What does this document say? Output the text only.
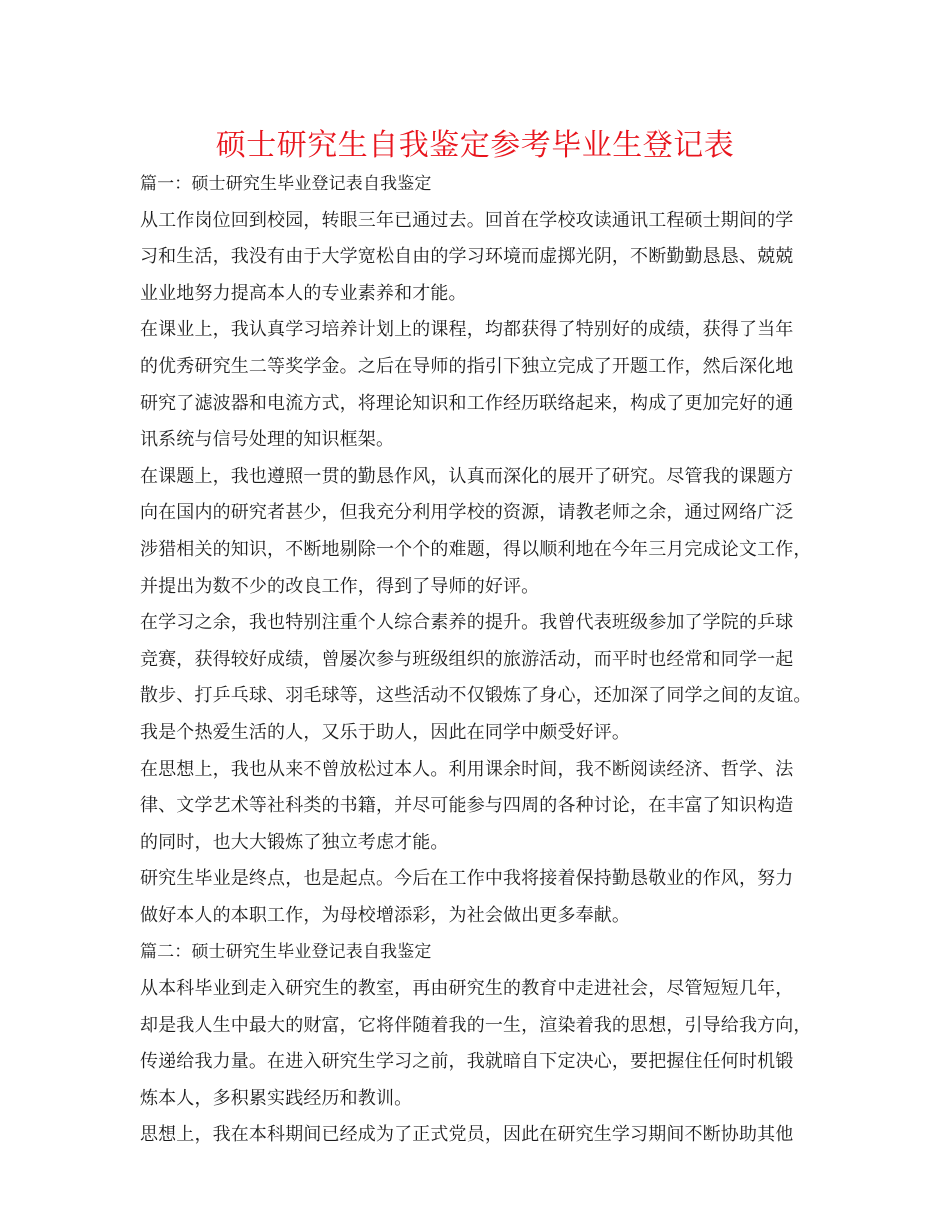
硕士研究生自我鉴定参考毕业生登记表
篇一：硕士研究生毕业登记表自我鉴定
从工作岗位回到校园，转眼三年已通过去。回首在学校攻读通讯工程硕士期间的学
习和生活，我没有由于大学宽松自由的学习环境而虚掷光阴，不断勤勤恳恳、兢兢
业业地努力提高本人的专业素养和才能。
在课业上，我认真学习培养计划上的课程，均都获得了特别好的成绩，获得了当年
的优秀研究生二等奖学金。之后在导师的指引下独立完成了开题工作，然后深化地
研究了滤波器和电流方式，将理论知识和工作经历联络起来，构成了更加完好的通
讯系统与信号处理的知识框架。
在课题上，我也遵照一贯的勤恳作风，认真而深化的展开了研究。尽管我的课题方
向在国内的研究者甚少，但我充分利用学校的资源，请教老师之余，通过网络广泛
涉猎相关的知识，不断地剔除一个个的难题，得以顺利地在今年三月完成论文工作，
并提出为数不少的改良工作，得到了导师的好评。
在学习之余，我也特别注重个人综合素养的提升。我曾代表班级参加了学院的乒球
竞赛，获得较好成绩，曾屡次参与班级组织的旅游活动，而平时也经常和同学一起
散步、打乒乓球、羽毛球等，这些活动不仅锻炼了身心，还加深了同学之间的友谊。
我是个热爱生活的人，又乐于助人，因此在同学中颇受好评。
在思想上，我也从来不曾放松过本人。利用课余时间，我不断阅读经济、哲学、法
律、文学艺术等社科类的书籍，并尽可能参与四周的各种讨论，在丰富了知识构造
的同时，也大大锻炼了独立考虑才能。
研究生毕业是终点，也是起点。今后在工作中我将接着保持勤恳敬业的作风，努力
做好本人的本职工作，为母校增添彩，为社会做出更多奉献。
篇二：硕士研究生毕业登记表自我鉴定
从本科毕业到走入研究生的教室，再由研究生的教育中走进社会，尽管短短几年，
却是我人生中最大的财富，它将伴随着我的一生，渲染着我的思想，引导给我方向，
传递给我力量。在进入研究生学习之前，我就暗自下定决心，要把握住任何时机锻
炼本人，多积累实践经历和教训。
思想上，我在本科期间已经成为了正式党员，因此在研究生学习期间不断协助其他
